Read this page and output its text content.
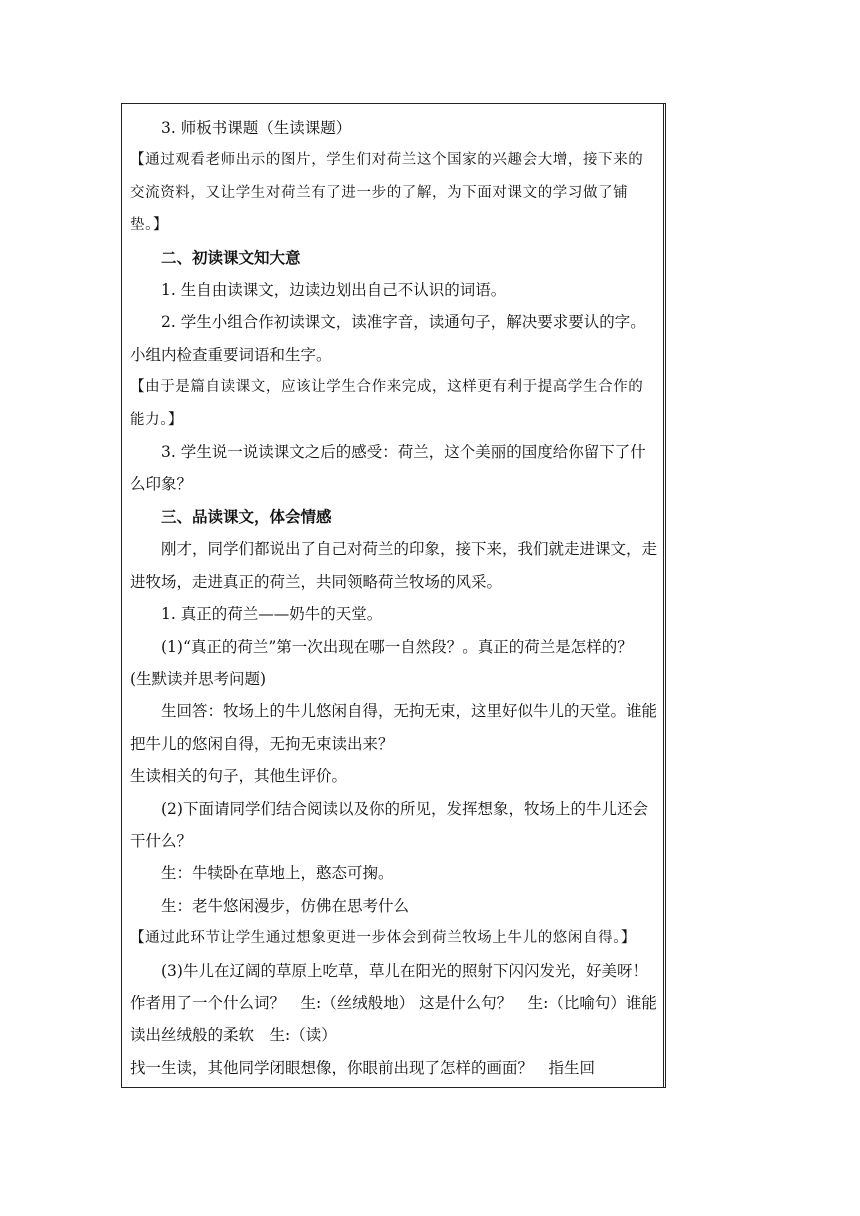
3. 师板书课题（生读课题）

【通过观看老师出示的图片，学生们对荷兰这个国家的兴趣会大增，接下来的交流资料，又让学生对荷兰有了进一步的了解，为下面对课文的学习做了铺垫。】

二、初读课文知大意

1. 生自由读课文，边读边划出自己不认识的词语。

2. 学生小组合作初读课文，读准字音，读通句子，解决要求要认的字。小组内检查重要词语和生字。

【由于是篇自读课文，应该让学生合作来完成，这样更有利于提高学生合作的能力。】

3. 学生说一说读课文之后的感受：荷兰，这个美丽的国度给你留下了什么印象？

三、品读课文，体会情感

刚才，同学们都说出了自己对荷兰的印象，接下来，我们就走进课文，走进牧场，走进真正的荷兰，共同领略荷兰牧场的风采。

1. 真正的荷兰——奶牛的天堂。

(1)“真正的荷兰”第一次出现在哪一自然段？。真正的荷兰是怎样的？　(生默读并思考问题)

生回答：牧场上的牛儿悠闲自得，无拘无束，这里好似牛儿的天堂。谁能把牛儿的悠闲自得，无拘无束读出来？

生读相关的句子，其他生评价。

(2)下面请同学们结合阅读以及你的所见，发挥想象，牧场上的牛儿还会干什么？

生：牛犊卧在草地上，憨态可掬。

生：老牛悠闲漫步，仿佛在思考什么

【通过此环节让学生通过想象更进一步体会到荷兰牧场上牛儿的悠闲自得。】

(3)牛儿在辽阔的草原上吃草，草儿在阳光的照射下闪闪发光，好美呀！作者用了一个什么词？　生:（丝绒般地） 这是什么句？　生:（比喻句）谁能读出丝绒般的柔软　生:（读）

找一生读，其他同学闭眼想像，你眼前出现了怎样的画面？　指生回
